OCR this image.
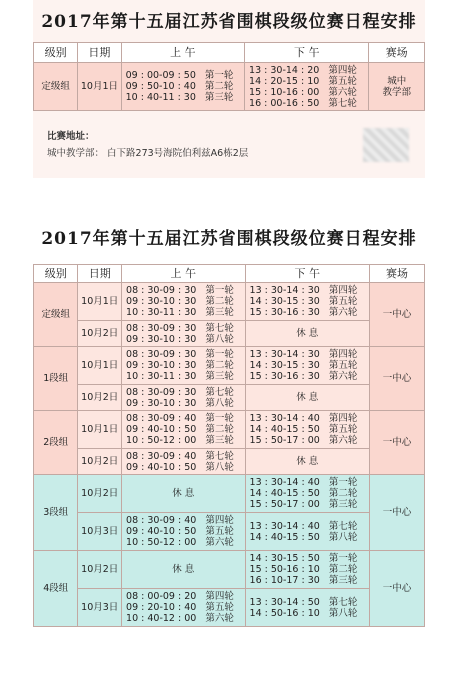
2017年第十五届江苏省围棋段级位赛日程安排
级别	日期	上 午	下 午	赛场
定级组	10月1日	09 : 00-09 : 50   第一轮
09 : 50-10 : 40   第二轮
10 : 40-11 : 30   第三轮	13 : 30-14 : 20   第四轮
14 : 20-15 : 10   第五轮
15 : 10-16 : 00   第六轮
16 : 00-16 : 50   第七轮	城中
教学部
比赛地址：
城中教学部： 白下路273号海院伯利兹A6栋2层
2017年第十五届江苏省围棋段级位赛日程安排
级别	日期	上 午	下 午	赛场
定级组	10月1日	08 : 30-09 : 30   第一轮
09 : 30-10 : 30   第二轮
10 : 30-11 : 30   第三轮	13 : 30-14 : 30   第四轮
14 : 30-15 : 30   第五轮
15 : 30-16 : 30   第六轮	一中心
	10月2日	08 : 30-09 : 30   第七轮
09 : 30-10 : 30   第八轮	休 息	
1段组	10月1日	08 : 30-09 : 30   第一轮
09 : 30-10 : 30   第二轮
10 : 30-11 : 30   第三轮	13 : 30-14 : 30   第四轮
14 : 30-15 : 30   第五轮
15 : 30-16 : 30   第六轮	一中心
	10月2日	08 : 30-09 : 30   第七轮
09 : 30-10 : 30   第八轮	休 息	
2段组	10月1日	08 : 30-09 : 40   第一轮
09 : 40-10 : 50   第二轮
10 : 50-12 : 00   第三轮	13 : 30-14 : 40   第四轮
14 : 40-15 : 50   第五轮
15 : 50-17 : 00   第六轮	一中心
	10月2日	08 : 30-09 : 40   第七轮
09 : 40-10 : 50   第八轮	休 息	
3段组	10月2日	休 息	13 : 30-14 : 40   第一轮
14 : 40-15 : 50   第二轮
15 : 50-17 : 00   第三轮	一中心
	10月3日	08 : 30-09 : 40   第四轮
09 : 40-10 : 50   第五轮
10 : 50-12 : 00   第六轮	13 : 30-14 : 40   第七轮
14 : 40-15 : 50   第八轮	
4段组	10月2日	休 息	14 : 30-15 : 50   第一轮
15 : 50-16 : 10   第二轮
16 : 10-17 : 30   第三轮	一中心
	10月3日	08 : 00-09 : 20   第四轮
09 : 20-10 : 40   第五轮
10 : 40-12 : 00   第六轮	13 : 30-14 : 50   第七轮
14 : 50-16 : 10   第八轮	
